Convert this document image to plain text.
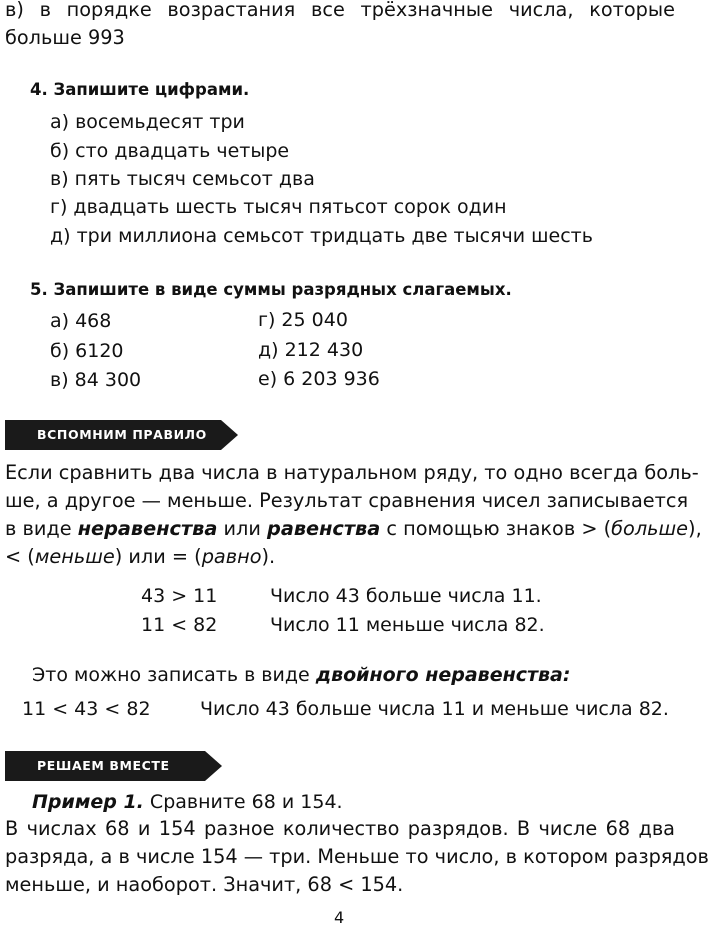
в) в порядке возрастания все трёхзначные числа, которые
больше 993

4. Запишите цифрами.

а) восемьдесят три

б) сто двадцать четыре

в) пять тысяч семьсот два

г) двадцать шесть тысяч пятьсот сорок один

д) три миллиона семьсот тридцать две тысячи шесть

5. Запишите в виде суммы разрядных слагаемых.

а) 468

б) 6120

в) 84 300

г) 25 040

д) 212 430

е) 6 203 936

ВСПОМНИМ ПРАВИЛО
Если сравнить два числа в натуральном ряду, то одно всегда боль-
ше, а другое — меньше. Результат сравнения чисел записывается
в виде неравенства или равенства с помощью знаков > (больше),
< (меньше) или = (равно).

43 > 11	Число 43 больше числа 11.

11 < 82	Число 11 меньше числа 82.

Это можно записать в виде двойного неравенства:

11 < 43 < 82	Число 43 больше числа 11 и меньше числа 82.

РЕШАЕМ ВМЕСТЕ

Пример 1. Сравните 68 и 154.

В числах 68 и 154 разное количество разрядов. В числе 68 два
разряда, а в числе 154 — три. Меньше то число, в котором разрядов
меньше, и наоборот. Значит, 68 < 154.

4
